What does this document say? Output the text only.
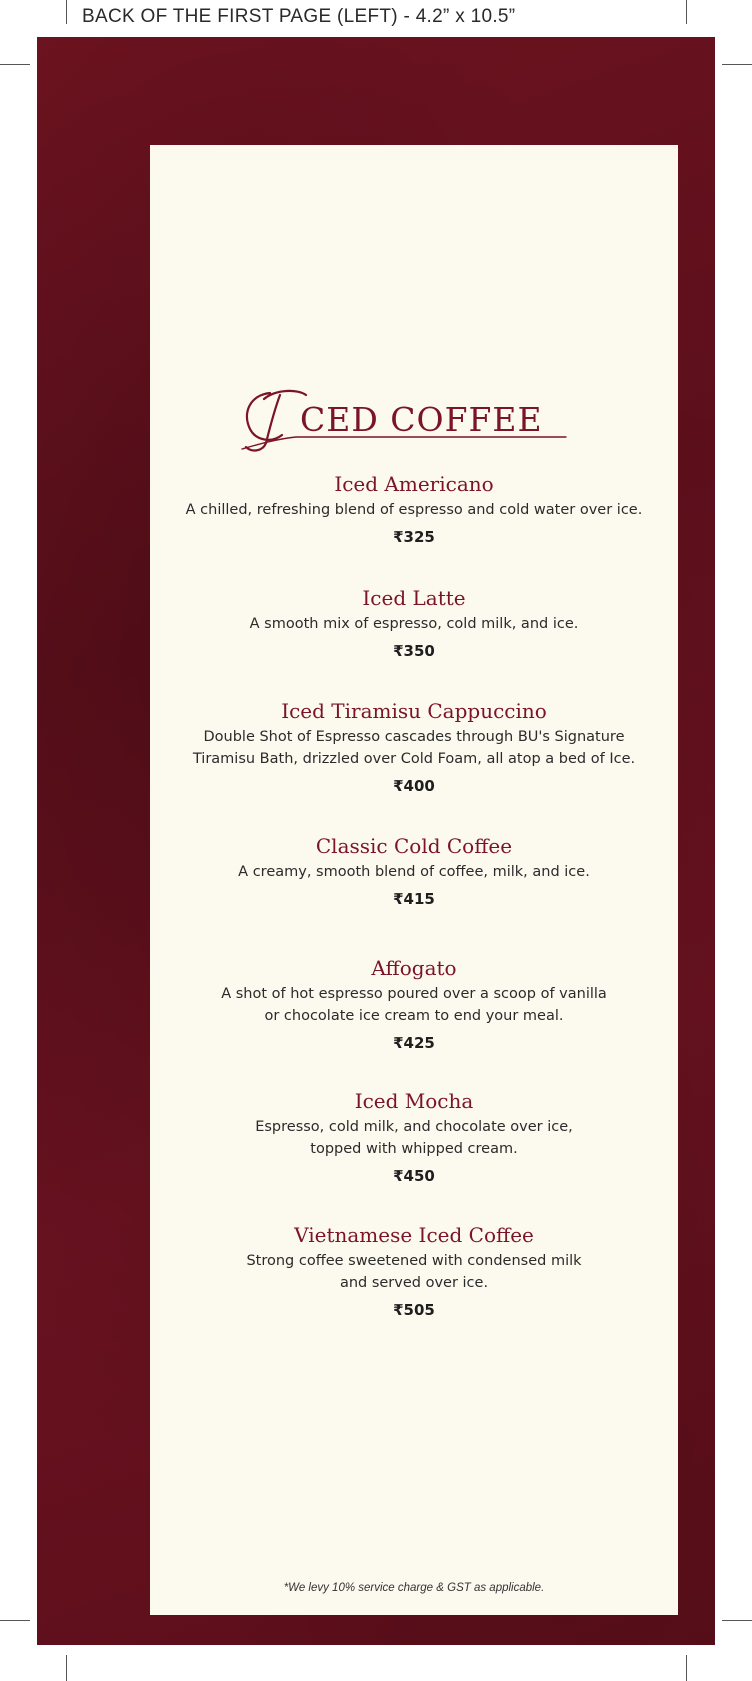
BACK OF THE FIRST PAGE (LEFT) - 4.2” x 10.5”
CED COFFEE

Iced Americano

A chilled, refreshing blend of espresso and cold water over ice.

₹325

Iced Latte

A smooth mix of espresso, cold milk, and ice.

₹350

Iced Tiramisu Cappuccino

Double Shot of Espresso cascades through BU's Signature
Tiramisu Bath, drizzled over Cold Foam, all atop a bed of Ice.

₹400

Classic Cold Coffee

A creamy, smooth blend of coffee, milk, and ice.

₹415

Affogato

A shot of hot espresso poured over a scoop of vanilla
or chocolate ice cream to end your meal.

₹425

Iced Mocha

Espresso, cold milk, and chocolate over ice,
topped with whipped cream.

₹450

Vietnamese Iced Coffee

Strong coffee sweetened with condensed milk
and served over ice.

₹505

*We levy 10% service charge & GST as applicable.
